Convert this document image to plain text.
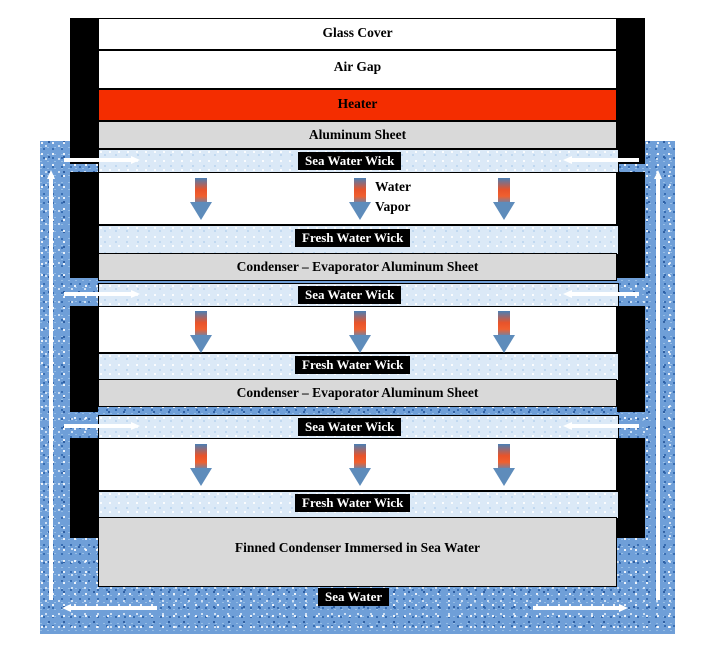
Glass Cover
Air Gap
Heater
Aluminum Sheet
Sea Water Wick
Water
Vapor
Fresh Water Wick
Condenser – Evaporator Aluminum Sheet
Sea Water Wick
Fresh Water Wick
Condenser – Evaporator Aluminum Sheet
Sea Water Wick
Fresh Water Wick
Finned Condenser Immersed in Sea Water
Sea Water
